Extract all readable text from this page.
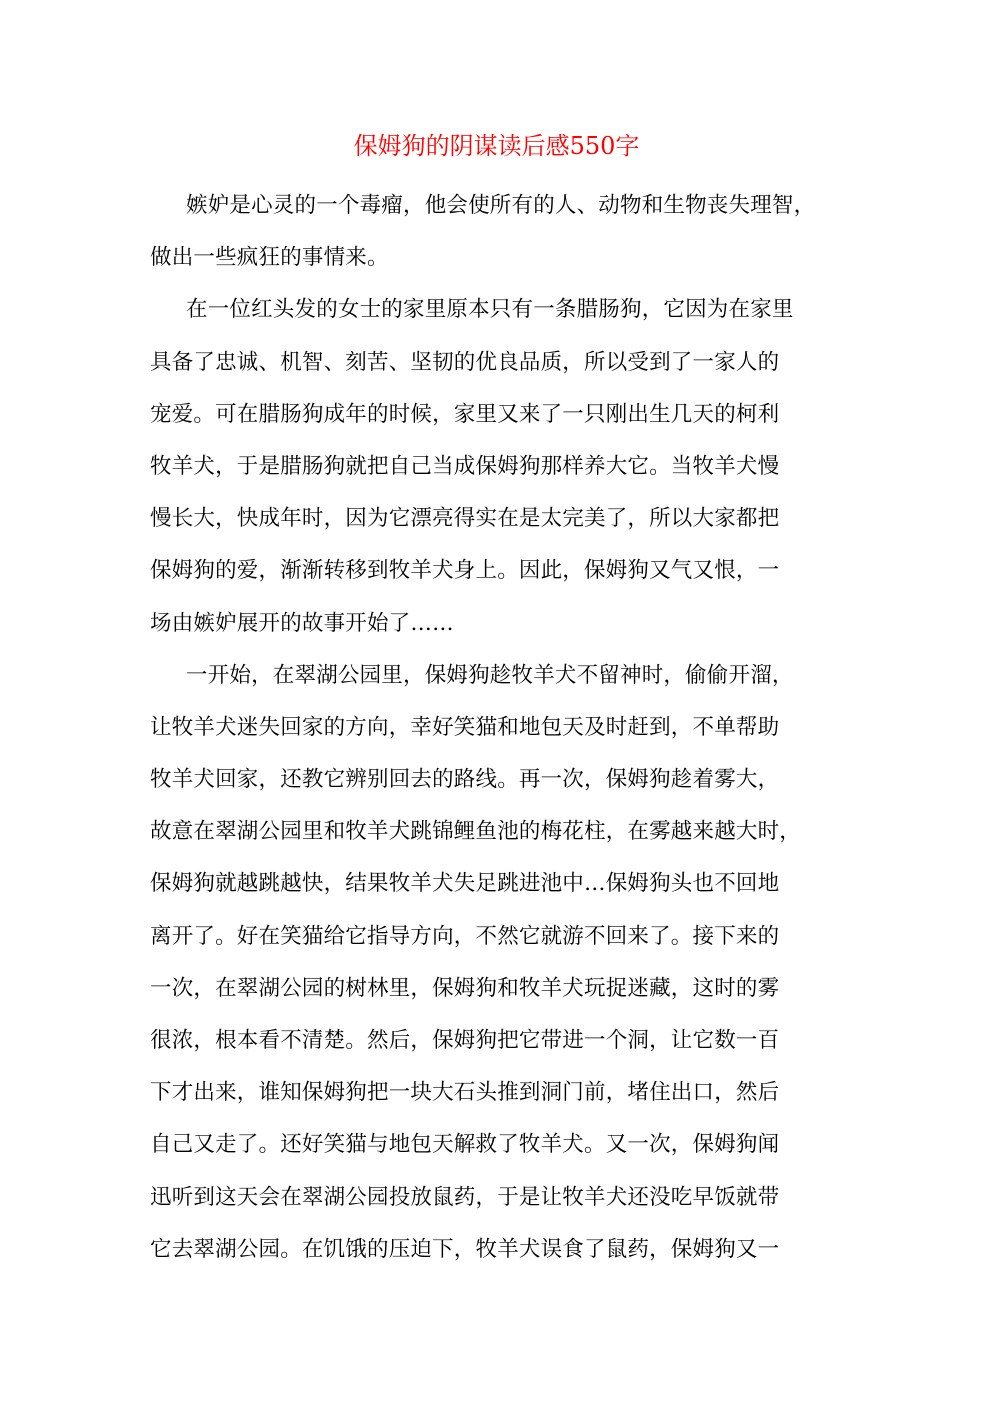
保姆狗的阴谋读后感550字
嫉妒是心灵的一个毒瘤，他会使所有的人、动物和生物丧失理智，
做出一些疯狂的事情来。
在一位红头发的女士的家里原本只有一条腊肠狗，它因为在家里
具备了忠诚、机智、刻苦、坚韧的优良品质，所以受到了一家人的
宠爱。可在腊肠狗成年的时候，家里又来了一只刚出生几天的柯利
牧羊犬，于是腊肠狗就把自己当成保姆狗那样养大它。当牧羊犬慢
慢长大，快成年时，因为它漂亮得实在是太完美了，所以大家都把
保姆狗的爱，渐渐转移到牧羊犬身上。因此，保姆狗又气又恨，一
场由嫉妒展开的故事开始了……
一开始，在翠湖公园里，保姆狗趁牧羊犬不留神时，偷偷开溜，
让牧羊犬迷失回家的方向，幸好笑猫和地包天及时赶到，不单帮助
牧羊犬回家，还教它辨别回去的路线。再一次，保姆狗趁着雾大，
故意在翠湖公园里和牧羊犬跳锦鲤鱼池的梅花柱，在雾越来越大时，
保姆狗就越跳越快，结果牧羊犬失足跳进池中…保姆狗头也不回地
离开了。好在笑猫给它指导方向，不然它就游不回来了。接下来的
一次，在翠湖公园的树林里，保姆狗和牧羊犬玩捉迷藏，这时的雾
很浓，根本看不清楚。然后，保姆狗把它带进一个洞，让它数一百
下才出来，谁知保姆狗把一块大石头推到洞门前，堵住出口，然后
自己又走了。还好笑猫与地包天解救了牧羊犬。又一次，保姆狗闻
迅听到这天会在翠湖公园投放鼠药，于是让牧羊犬还没吃早饭就带
它去翠湖公园。在饥饿的压迫下，牧羊犬误食了鼠药，保姆狗又一
